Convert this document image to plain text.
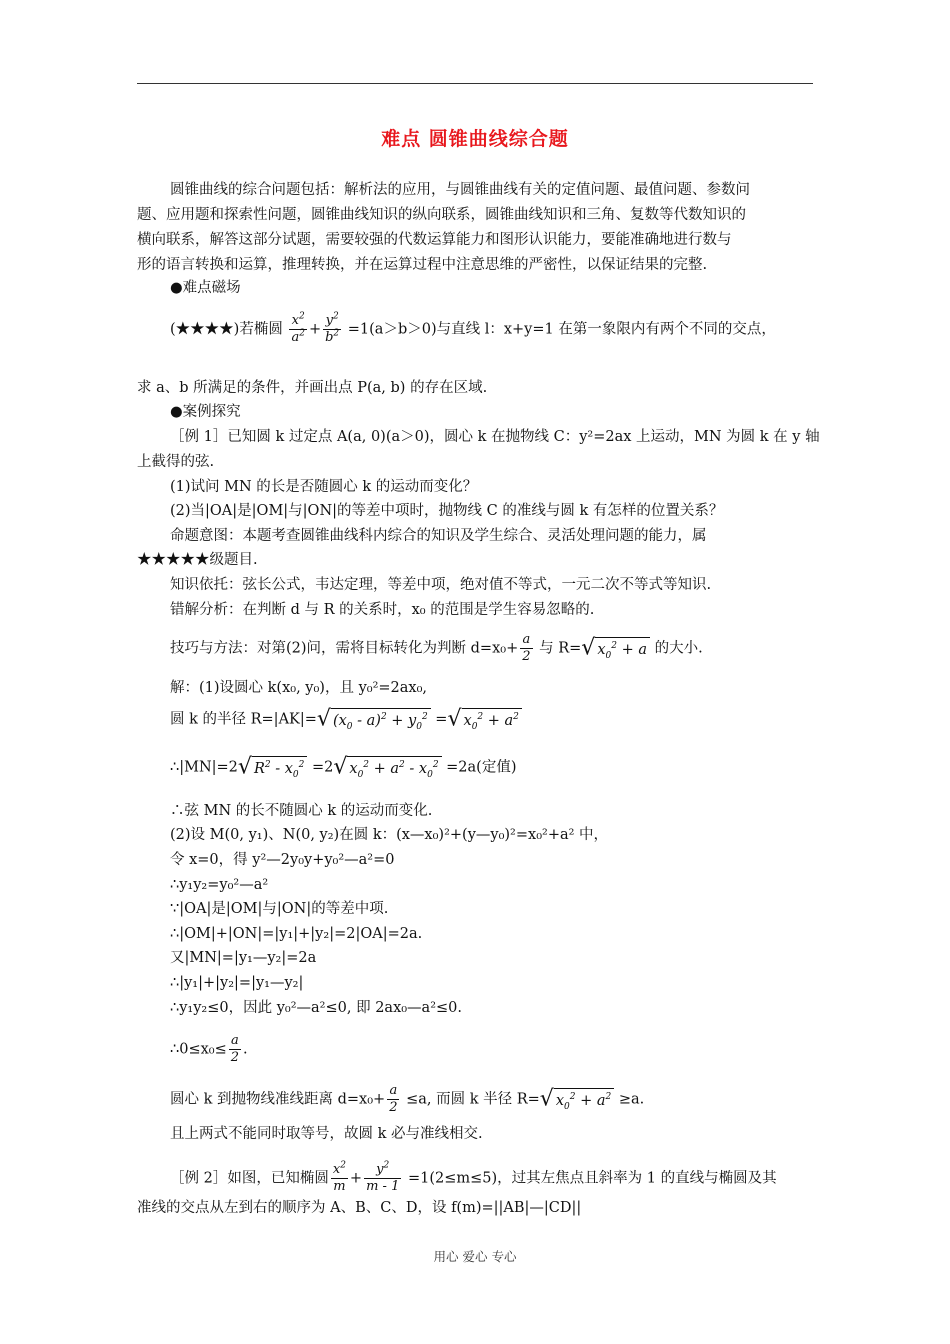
难点 圆锥曲线综合题
圆锥曲线的综合问题包括：解析法的应用，与圆锥曲线有关的定值问题、最值问题、参数问
题、应用题和探索性问题，圆锥曲线知识的纵向联系，圆锥曲线知识和三角、复数等代数知识的
横向联系，解答这部分试题，需要较强的代数运算能力和图形认识能力，要能准确地进行数与
形的语言转换和运算，推理转换，并在运算过程中注意思维的严密性，以保证结果的完整.
●难点磁场
(★★★★)若椭圆 $\frac{x^2}{a^2} + \frac{y^2}{b^2} =1(a>b>0)$与直线 l：x+y=1 在第一象限内有两个不同的交点，
求 a、b 所满足的条件，并画出点 P(a, b) 的存在区域.
●案例探究
［例 1］已知圆 k 过定点 A(a, 0)(a＞0)，圆心 k 在抛物线 C：y²=2ax 上运动，MN 为圆 k 在 y 轴
上截得的弦.
(1)试问 MN 的长是否随圆心 k 的运动而变化？
(2)当|OA|是|OM|与|ON|的等差中项时，抛物线 C 的准线与圆 k 有怎样的位置关系？
命题意图：本题考查圆锥曲线科内综合的知识及学生综合、灵活处理问题的能力，属
★★★★★级题目.
知识依托：弦长公式，韦达定理，等差中项，绝对值不等式，一元二次不等式等知识.
错解分析：在判断 d 与 R 的关系时，x₀ 的范围是学生容易忽略的.
技巧与方法：对第(2)问，需将目标转化为判断 $d=x_0+ \frac{a}{2}$ 与 R=√ $x_0^2 + a$ 的大小.
解：(1)设圆心 k(x₀, y₀)，且 y₀²=2ax₀,
圆 k 的半径 R=|AK|=√ $(x_0 - a)^2 + y_0^2$ =√ $x_0^2 + a^2$
∴|MN|=2√ $R^2 - x_0^2 =2√$ $x_0^2 + a^2 - x_0^2 =2a$(定值)
∴弦 MN 的长不随圆心 k 的运动而变化.
(2)设 M(0, y₁)、N(0, y₂)在圆 k：(x—x₀)²+(y—y₀)²=x₀²+a² 中，
令 x=0，得 y²—2y₀y+y₀²—a²=0
∴y₁y₂=y₀²—a²
∵|OA|是|OM|与|ON|的等差中项.
∴|OM|+|ON|=|y₁|+|y₂|=2|OA|=2a.
又|MN|=|y₁—y₂|=2a
∴|y₁|+|y₂|=|y₁—y₂|
∴y₁y₂≤0，因此 y₀²—a²≤0, 即 2ax₀—a²≤0.
∴0≤x₀≤ $\frac{a}{2}$ .
圆心 k 到抛物线准线距离 $d=x_0+ \frac{a}{2} \le a$, 而圆 k 半径 R=√ $x_0^2 + a^2 \ge a$.
且上两式不能同时取等号，故圆 k 必与准线相交.
［例 2］如图，已知椭圆 $\frac{x^2}{m} + \frac{y^2}{m - 1} =1(2\le m\le 5)$，过其左焦点且斜率为 1 的直线与椭圆及其
准线的交点从左到右的顺序为 A、B、C、D，设 f(m)=||AB|—|CD||
用心 爱心 专心
